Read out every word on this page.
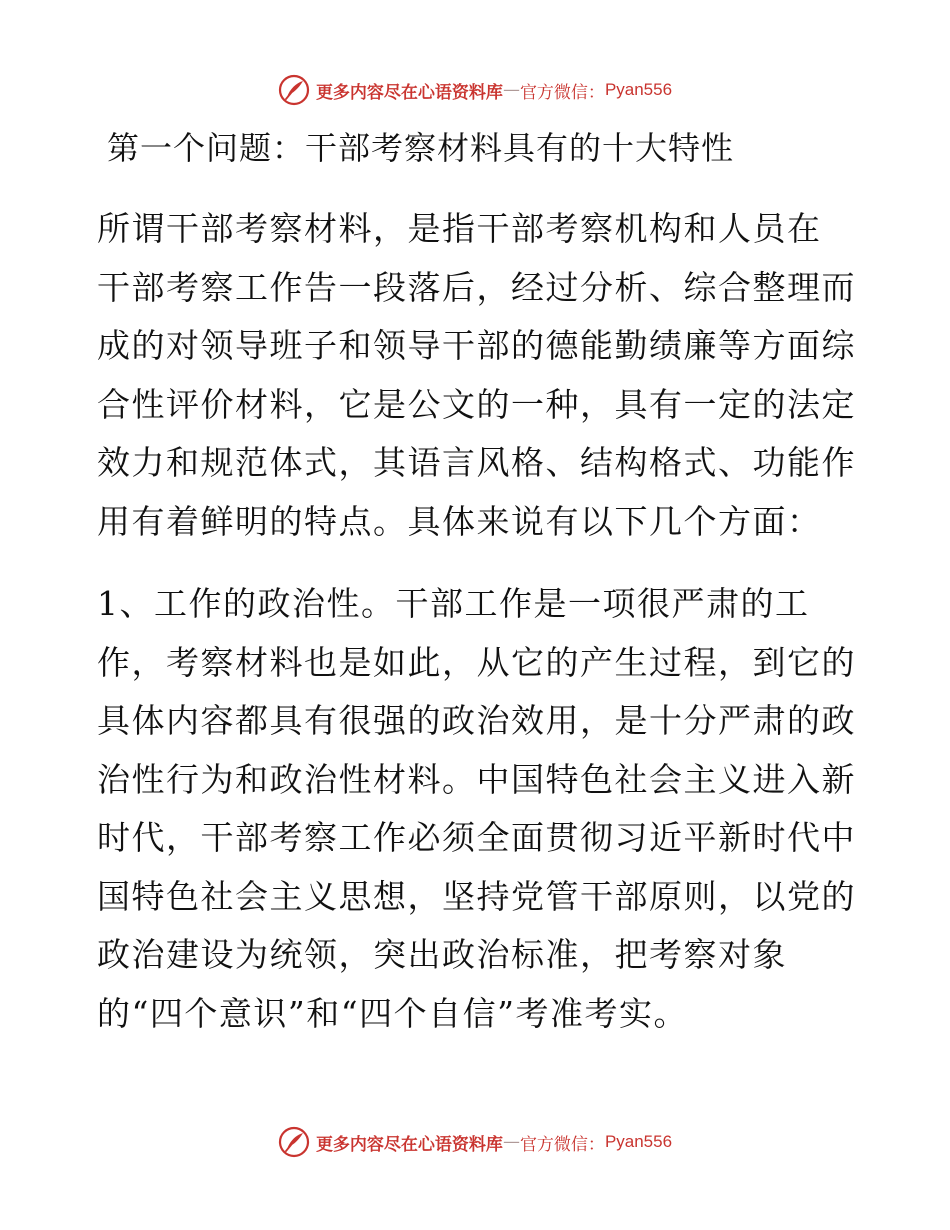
更多内容尽在心语资料库 — 官方微信： Pyan556
第一个问题：干部考察材料具有的十大特性
所谓干部考察材料，是指干部考察机构和人员在
干部考察工作告一段落后，经过分析、综合整理而
成的对领导班子和领导干部的德能勤绩廉等方面综
合性评价材料，它是公文的一种，具有一定的法定
效力和规范体式，其语言风格、结构格式、功能作
用有着鲜明的特点。具体来说有以下几个方面：
1、工作的政治性。干部工作是一项很严肃的工
作，考察材料也是如此，从它的产生过程，到它的
具体内容都具有很强的政治效用，是十分严肃的政
治性行为和政治性材料。中国特色社会主义进入新
时代，干部考察工作必须全面贯彻习近平新时代中
国特色社会主义思想，坚持党管干部原则，以党的
政治建设为统领，突出政治标准，把考察对象
的“四个意识”和“四个自信”考准考实。
更多内容尽在心语资料库 — 官方微信： Pyan556
